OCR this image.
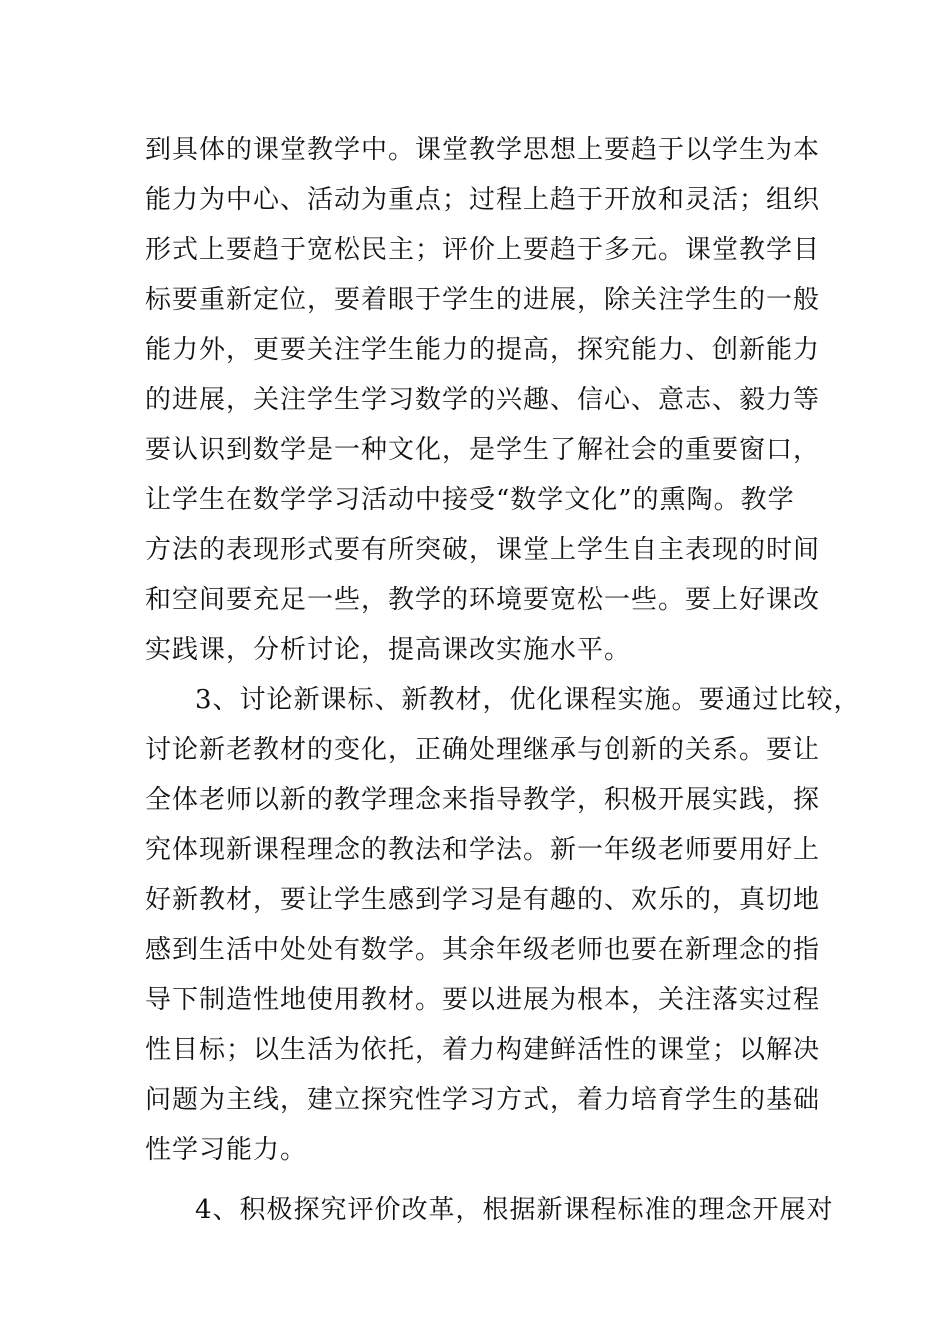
到具体的课堂教学中。课堂教学思想上要趋于以学生为本
能力为中心、活动为重点；过程上趋于开放和灵活；组织
形式上要趋于宽松民主；评价上要趋于多元。课堂教学目
标要重新定位，要着眼于学生的进展，除关注学生的一般
能力外，更要关注学生能力的提高，探究能力、创新能力
的进展，关注学生学习数学的兴趣、信心、意志、毅力等
要认识到数学是一种文化，是学生了解社会的重要窗口，
让学生在数学学习活动中接受“数学文化”的熏陶。教学
方法的表现形式要有所突破，课堂上学生自主表现的时间
和空间要充足一些，教学的环境要宽松一些。要上好课改
实践课，分析讨论，提高课改实施水平。
3、讨论新课标、新教材，优化课程实施。要通过比较，
讨论新老教材的变化，正确处理继承与创新的关系。要让
全体老师以新的教学理念来指导教学，积极开展实践，探
究体现新课程理念的教法和学法。新一年级老师要用好上
好新教材，要让学生感到学习是有趣的、欢乐的，真切地
感到生活中处处有数学。其余年级老师也要在新理念的指
导下制造性地使用教材。要以进展为根本，关注落实过程
性目标；以生活为依托，着力构建鲜活性的课堂；以解决
问题为主线，建立探究性学习方式，着力培育学生的基础
性学习能力。
4、积极探究评价改革，根据新课程标准的理念开展对
